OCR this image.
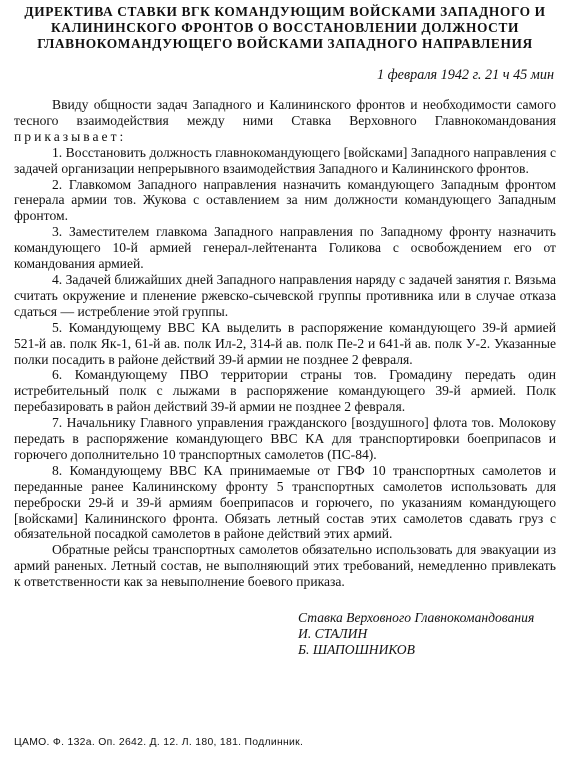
ДИРЕКТИВА СТАВКИ ВГК КОМАНДУЮЩИМ ВОЙСКАМИ ЗАПАДНОГО И
КАЛИНИНСКОГО ФРОНТОВ О ВОССТАНОВЛЕНИИ ДОЛЖНОСТИ
ГЛАВНОКОМАНДУЮЩЕГО ВОЙСКАМИ ЗАПАДНОГО НАПРАВЛЕНИЯ
1 февраля 1942 г. 21 ч 45 мин

Ввиду общности задач Западного и Калининского фронтов и необходимости самого тесного взаимодействия между ними Ставка Верховного Главнокомандования приказывает:

1. Восстановить должность главнокомандующего [войсками] Западного направления с задачей организации непрерывного взаимодействия Западного и Калининского фронтов.

2. Главкомом Западного направления назначить командующего Западным фронтом генерала армии тов. Жукова с оставлением за ним должности командующего Западным фронтом.

3. Заместителем главкома Западного направления по Западному фронту назначить командующего 10-й армией генерал-лейтенанта Голикова с освобождением его от командования армией.

4. Задачей ближайших дней Западного направления наряду с задачей занятия г. Вязьма считать окружение и пленение ржевско-сычевской группы противника или в случае отказа сдаться — истребление этой группы.

5. Командующему ВВС КА выделить в распоряжение командующего 39-й армией 521-й ав. полк Як-1, 61-й ав. полк Ил-2, 314-й ав. полк Пе-2 и 641-й ав. полк У-2. Указанные полки посадить в районе действий 39-й армии не позднее 2 февраля.

6. Командующему ПВО территории страны тов. Громадину передать один истребительный полк с лыжами в распоряжение командующего 39-й армией. Полк перебазировать в район действий 39-й армии не позднее 2 февраля.

7. Начальнику Главного управления гражданского [воздушного] флота тов. Молокову передать в распоряжение командующего ВВС КА для транспортировки боеприпасов и горючего дополнительно 10 транспортных самолетов (ПС-84).

8. Командующему ВВС КА принимаемые от ГВФ 10 транспортных самолетов и переданные ранее Калининскому фронту 5 транспортных самолетов использовать для переброски 29-й и 39-й армиям боеприпасов и горючего, по указаниям командующего [войсками] Калининского фронта. Обязать летный состав этих самолетов сдавать груз с обязательной посадкой самолетов в районе действий этих армий.

Обратные рейсы транспортных самолетов обязательно использовать для эвакуации из армий раненых. Летный состав, не выполняющий этих требований, немедленно привлекать к ответственности как за невыполнение боевого приказа.

Ставка Верховного Главнокомандования
И. СТАЛИН
Б. ШАПОШНИКОВ
ЦАМО. Ф. 132а. Оп. 2642. Д. 12. Л. 180, 181. Подлинник.
